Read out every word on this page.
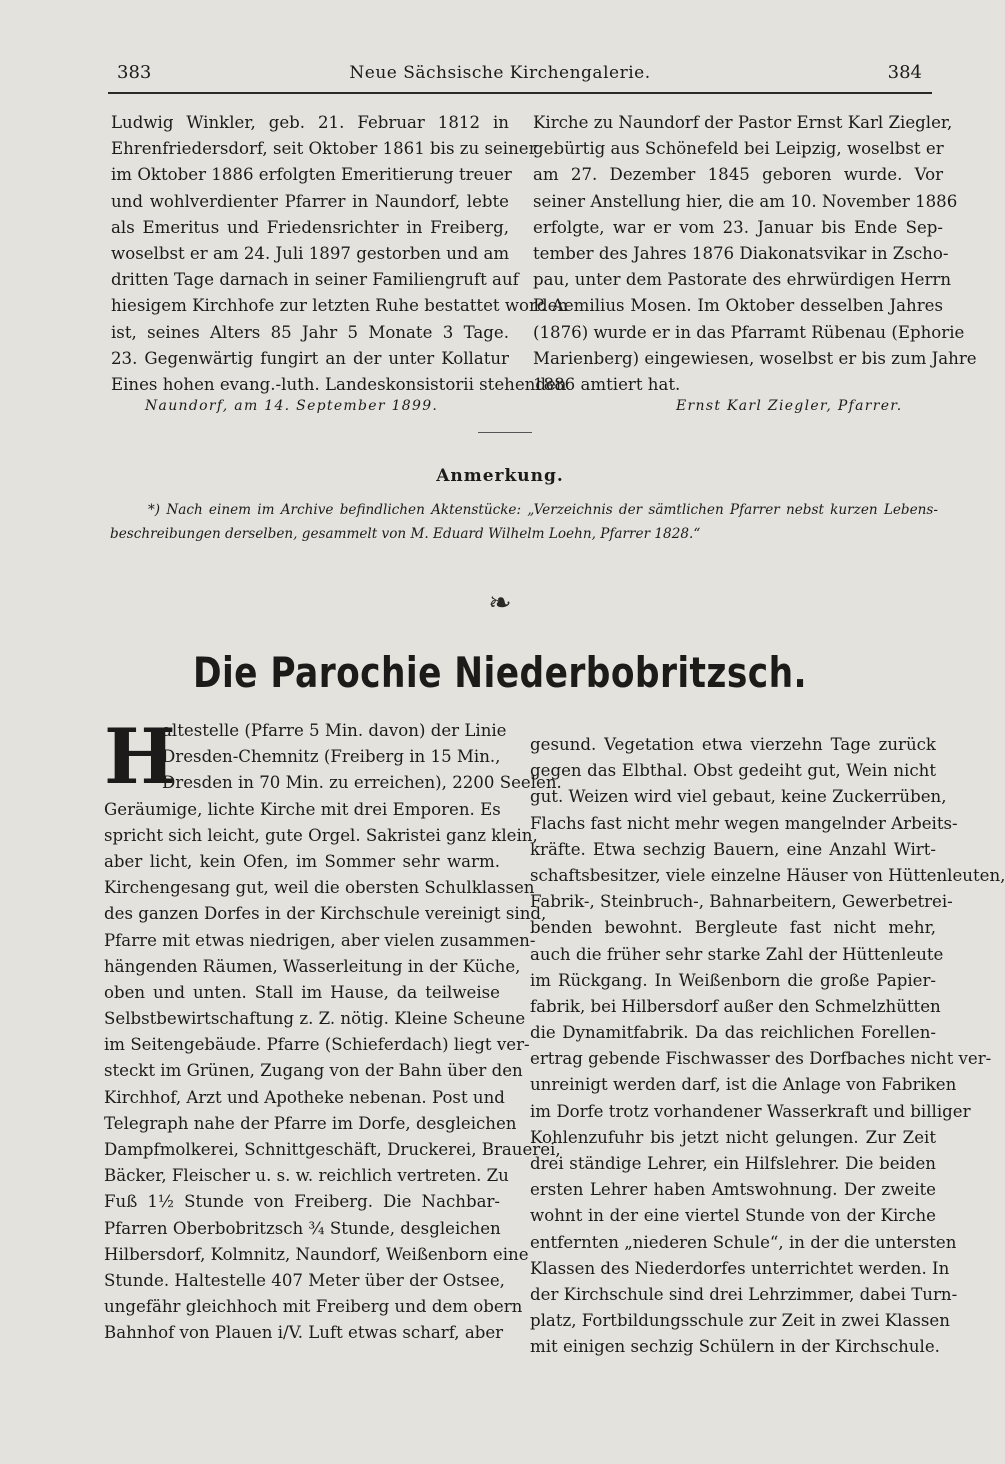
383	Neue Sächsische Kirchengalerie.	384
Ludwig Winkler, geb. 21. Februar 1812 in
Ehrenfriedersdorf, seit Oktober 1861 bis zu seiner
im Oktober 1886 erfolgten Emeritierung treuer
und wohlverdienter Pfarrer in Naundorf, lebte
als Emeritus und Friedensrichter in Freiberg,
woselbst er am 24. Juli 1897 gestorben und am
dritten Tage darnach in seiner Familiengruft auf
hiesigem Kirchhofe zur letzten Ruhe bestattet worden
ist, seines Alters 85 Jahr 5 Monate 3 Tage.
23. Gegenwärtig fungirt an der unter Kollatur
Eines hohen evang.-luth. Landeskonsistorii stehenden
Naundorf, am 14. September 1899.
Kirche zu Naundorf der Pastor Ernst Karl Ziegler,
gebürtig aus Schönefeld bei Leipzig, woselbst er
am 27. Dezember 1845 geboren wurde. Vor
seiner Anstellung hier, die am 10. November 1886
erfolgte, war er vom 23. Januar bis Ende Sep-
tember des Jahres 1876 Diakonatsvikar in Zscho-
pau, unter dem Pastorate des ehrwürdigen Herrn
P. Aemilius Mosen. Im Oktober desselben Jahres
(1876) wurde er in das Pfarramt Rübenau (Ephorie
Marienberg) eingewiesen, woselbst er bis zum Jahre
1886 amtiert hat.
Ernst Karl Ziegler, Pfarrer.
Anmerkung.
*) Nach einem im Archive befindlichen Aktenstücke: „Verzeichnis der sämtlichen Pfarrer nebst kurzen Lebens-
beschreibungen derselben, gesammelt von M. Eduard Wilhelm Loehn, Pfarrer 1828.“
❧
Die Parochie Niederbobritzsch.
H
altestelle (Pfarre 5 Min. davon) der Linie
Dresden-Chemnitz (Freiberg in 15 Min.,
Dresden in 70 Min. zu erreichen), 2200 Seelen.
Geräumige, lichte Kirche mit drei Emporen. Es
spricht sich leicht, gute Orgel. Sakristei ganz klein,
aber licht, kein Ofen, im Sommer sehr warm.
Kirchengesang gut, weil die obersten Schulklassen
des ganzen Dorfes in der Kirchschule vereinigt sind,
Pfarre mit etwas niedrigen, aber vielen zusammen-
hängenden Räumen, Wasserleitung in der Küche,
oben und unten. Stall im Hause, da teilweise
Selbstbewirtschaftung z. Z. nötig. Kleine Scheune
im Seitengebäude. Pfarre (Schieferdach) liegt ver-
steckt im Grünen, Zugang von der Bahn über den
Kirchhof, Arzt und Apotheke nebenan. Post und
Telegraph nahe der Pfarre im Dorfe, desgleichen
Dampfmolkerei, Schnittgeschäft, Druckerei, Brauerei,
Bäcker, Fleischer u. s. w. reichlich vertreten. Zu
Fuß 1½ Stunde von Freiberg. Die Nachbar-
Pfarren Oberbobritzsch ¾ Stunde, desgleichen
Hilbersdorf, Kolmnitz, Naundorf, Weißenborn eine
Stunde. Haltestelle 407 Meter über der Ostsee,
ungefähr gleichhoch mit Freiberg und dem obern
Bahnhof von Plauen i/V. Luft etwas scharf, aber
gesund. Vegetation etwa vierzehn Tage zurück
gegen das Elbthal. Obst gedeiht gut, Wein nicht
gut. Weizen wird viel gebaut, keine Zuckerrüben,
Flachs fast nicht mehr wegen mangelnder Arbeits-
kräfte. Etwa sechzig Bauern, eine Anzahl Wirt-
schaftsbesitzer, viele einzelne Häuser von Hüttenleuten,
Fabrik-, Steinbruch-, Bahnarbeitern, Gewerbetrei-
benden bewohnt. Bergleute fast nicht mehr,
auch die früher sehr starke Zahl der Hüttenleute
im Rückgang. In Weißenborn die große Papier-
fabrik, bei Hilbersdorf außer den Schmelzhütten
die Dynamitfabrik. Da das reichlichen Forellen-
ertrag gebende Fischwasser des Dorfbaches nicht ver-
unreinigt werden darf, ist die Anlage von Fabriken
im Dorfe trotz vorhandener Wasserkraft und billiger
Kohlenzufuhr bis jetzt nicht gelungen. Zur Zeit
drei ständige Lehrer, ein Hilfslehrer. Die beiden
ersten Lehrer haben Amtswohnung. Der zweite
wohnt in der eine viertel Stunde von der Kirche
entfernten „niederen Schule“, in der die untersten
Klassen des Niederdorfes unterrichtet werden. In
der Kirchschule sind drei Lehrzimmer, dabei Turn-
platz, Fortbildungsschule zur Zeit in zwei Klassen
mit einigen sechzig Schülern in der Kirchschule.
